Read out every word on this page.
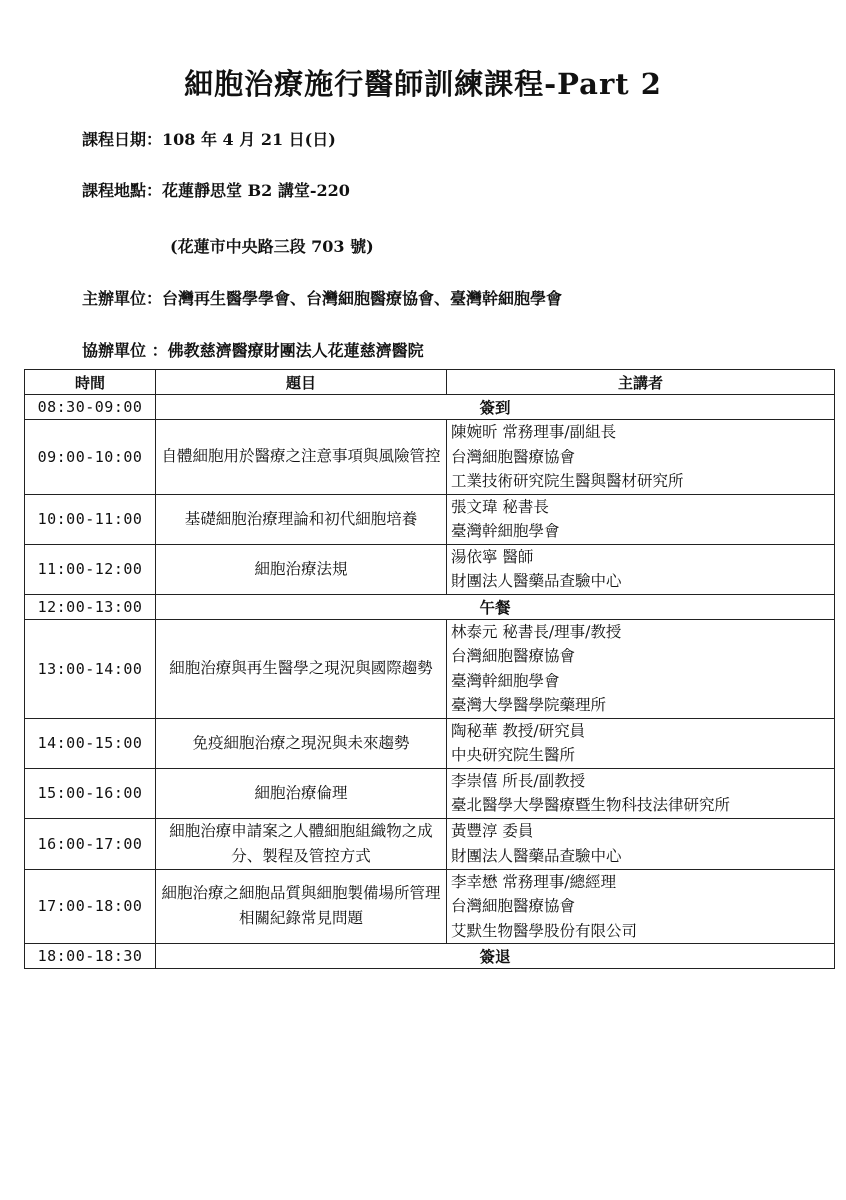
細胞治療施行醫師訓練課程-Part 2
課程日期：108 年 4 月 21 日(日)
課程地點：花蓮靜思堂 B2 講堂-220
(花蓮市中央路三段 703 號)
主辦單位：台灣再生醫學學會、台灣細胞醫療協會、臺灣幹細胞學會
協辦單位 ：佛教慈濟醫療財團法人花蓮慈濟醫院
時間	題目	主講者
08:30-09:00	簽到	
09:00-10:00	自體細胞用於醫療之注意事項與風險管控	陳婉昕 常務理事/副組長
台灣細胞醫療協會
工業技術研究院生醫與醫材研究所

10:00-11:00	基礎細胞治療理論和初代細胞培養	張文瑋 秘書長
臺灣幹細胞學會

11:00-12:00	細胞治療法規	湯依寧 醫師
財團法人醫藥品查驗中心

12:00-13:00	午餐	
13:00-14:00	細胞治療與再生醫學之現況與國際趨勢	林泰元 秘書長/理事/教授
台灣細胞醫療協會
臺灣幹細胞學會
臺灣大學醫學院藥理所

14:00-15:00	免疫細胞治療之現況與未來趨勢	陶秘華 教授/研究員
中央研究院生醫所

15:00-16:00	細胞治療倫理	李崇僖 所長/副教授
臺北醫學大學醫療暨生物科技法律研究所

16:00-17:00	細胞治療申請案之人體細胞組織物之成分、製程及管控方式	黃豐淳 委員
財團法人醫藥品查驗中心

17:00-18:00	細胞治療之細胞品質與細胞製備場所管理相關紀錄常見問題	李幸懋 常務理事/總經理
台灣細胞醫療協會
艾默生物醫學股份有限公司

18:00-18:30	簽退	
